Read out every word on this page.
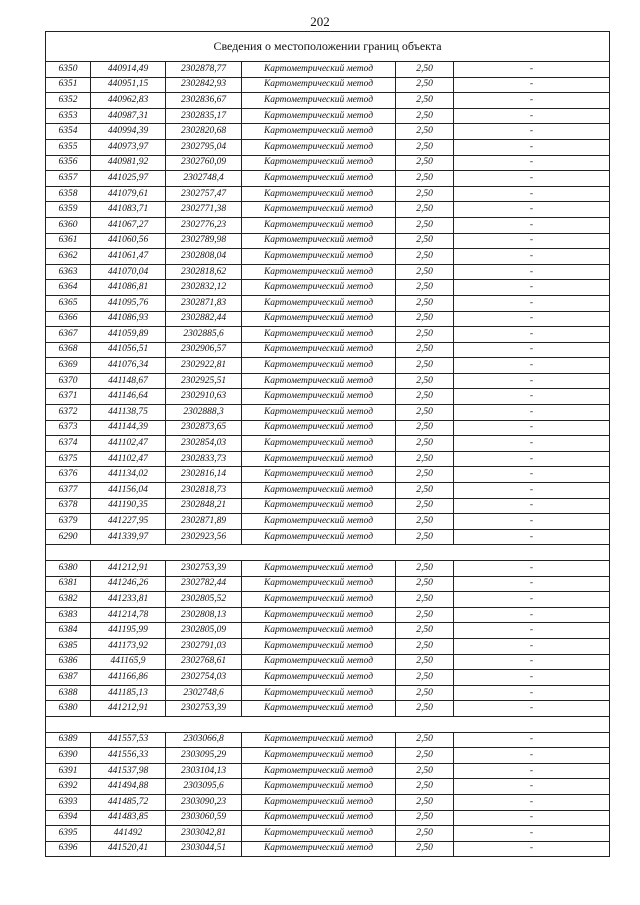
202
Сведения о местоположении границ объекта					
6350	440914,49	2302878,77	Картометрический метод	2,50	-
6351	440951,15	2302842,93	Картометрический метод	2,50	-
6352	440962,83	2302836,67	Картометрический метод	2,50	-
6353	440987,31	2302835,17	Картометрический метод	2,50	-
6354	440994,39	2302820,68	Картометрический метод	2,50	-
6355	440973,97	2302795,04	Картометрический метод	2,50	-
6356	440981,92	2302760,09	Картометрический метод	2,50	-
6357	441025,97	2302748,4	Картометрический метод	2,50	-
6358	441079,61	2302757,47	Картометрический метод	2,50	-
6359	441083,71	2302771,38	Картометрический метод	2,50	-
6360	441067,27	2302776,23	Картометрический метод	2,50	-
6361	441060,56	2302789,98	Картометрический метод	2,50	-
6362	441061,47	2302808,04	Картометрический метод	2,50	-
6363	441070,04	2302818,62	Картометрический метод	2,50	-
6364	441086,81	2302832,12	Картометрический метод	2,50	-
6365	441095,76	2302871,83	Картометрический метод	2,50	-
6366	441086,93	2302882,44	Картометрический метод	2,50	-
6367	441059,89	2302885,6	Картометрический метод	2,50	-
6368	441056,51	2302906,57	Картометрический метод	2,50	-
6369	441076,34	2302922,81	Картометрический метод	2,50	-
6370	441148,67	2302925,51	Картометрический метод	2,50	-
6371	441146,64	2302910,63	Картометрический метод	2,50	-
6372	441138,75	2302888,3	Картометрический метод	2,50	-
6373	441144,39	2302873,65	Картометрический метод	2,50	-
6374	441102,47	2302854,03	Картометрический метод	2,50	-
6375	441102,47	2302833,73	Картометрический метод	2,50	-
6376	441134,02	2302816,14	Картометрический метод	2,50	-
6377	441156,04	2302818,73	Картометрический метод	2,50	-
6378	441190,35	2302848,21	Картометрический метод	2,50	-
6379	441227,95	2302871,89	Картометрический метод	2,50	-
6290	441339,97	2302923,56	Картометрический метод	2,50	-

6380	441212,91	2302753,39	Картометрический метод	2,50	-
6381	441246,26	2302782,44	Картометрический метод	2,50	-
6382	441233,81	2302805,52	Картометрический метод	2,50	-
6383	441214,78	2302808,13	Картометрический метод	2,50	-
6384	441195,99	2302805,09	Картометрический метод	2,50	-
6385	441173,92	2302791,03	Картометрический метод	2,50	-
6386	441165,9	2302768,61	Картометрический метод	2,50	-
6387	441166,86	2302754,03	Картометрический метод	2,50	-
6388	441185,13	2302748,6	Картометрический метод	2,50	-
6380	441212,91	2302753,39	Картометрический метод	2,50	-

6389	441557,53	2303066,8	Картометрический метод	2,50	-
6390	441556,33	2303095,29	Картометрический метод	2,50	-
6391	441537,98	2303104,13	Картометрический метод	2,50	-
6392	441494,88	2303095,6	Картометрический метод	2,50	-
6393	441485,72	2303090,23	Картометрический метод	2,50	-
6394	441483,85	2303060,59	Картометрический метод	2,50	-
6395	441492	2303042,81	Картометрический метод	2,50	-
6396	441520,41	2303044,51	Картометрический метод	2,50	-
